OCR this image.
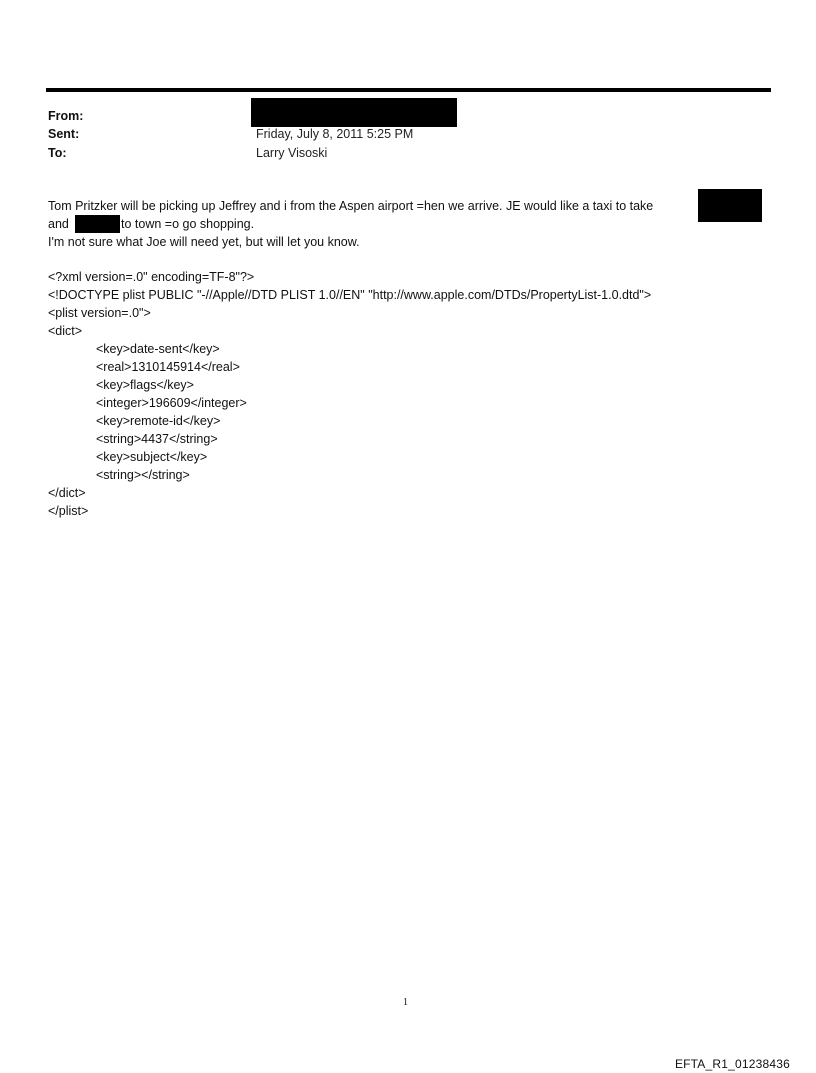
From:
Sent:	Friday, July 8, 2011 5:25 PM
To:	Larry Visoski
Tom Pritzker will be picking up Jeffrey and i from the Aspen airport =hen we arrive. JE would like a taxi to take
and	to town =o go shopping.
I'm not sure what Joe will need yet, but will let you know.
<?xml version=.0" encoding=TF-8"?>
<!DOCTYPE plist PUBLIC "-//Apple//DTD PLIST 1.0//EN" "http://www.apple.com/DTDs/PropertyList-1.0.dtd">
<plist version=.0">
<dict>
<key>date-sent</key>
<real>1310145914</real>
<key>flags</key>
<integer>196609</integer>
<key>remote-id</key>
<string>4437</string>
<key>subject</key>
<string></string>
</dict>
</plist>
1
EFTA_R1_01238436
